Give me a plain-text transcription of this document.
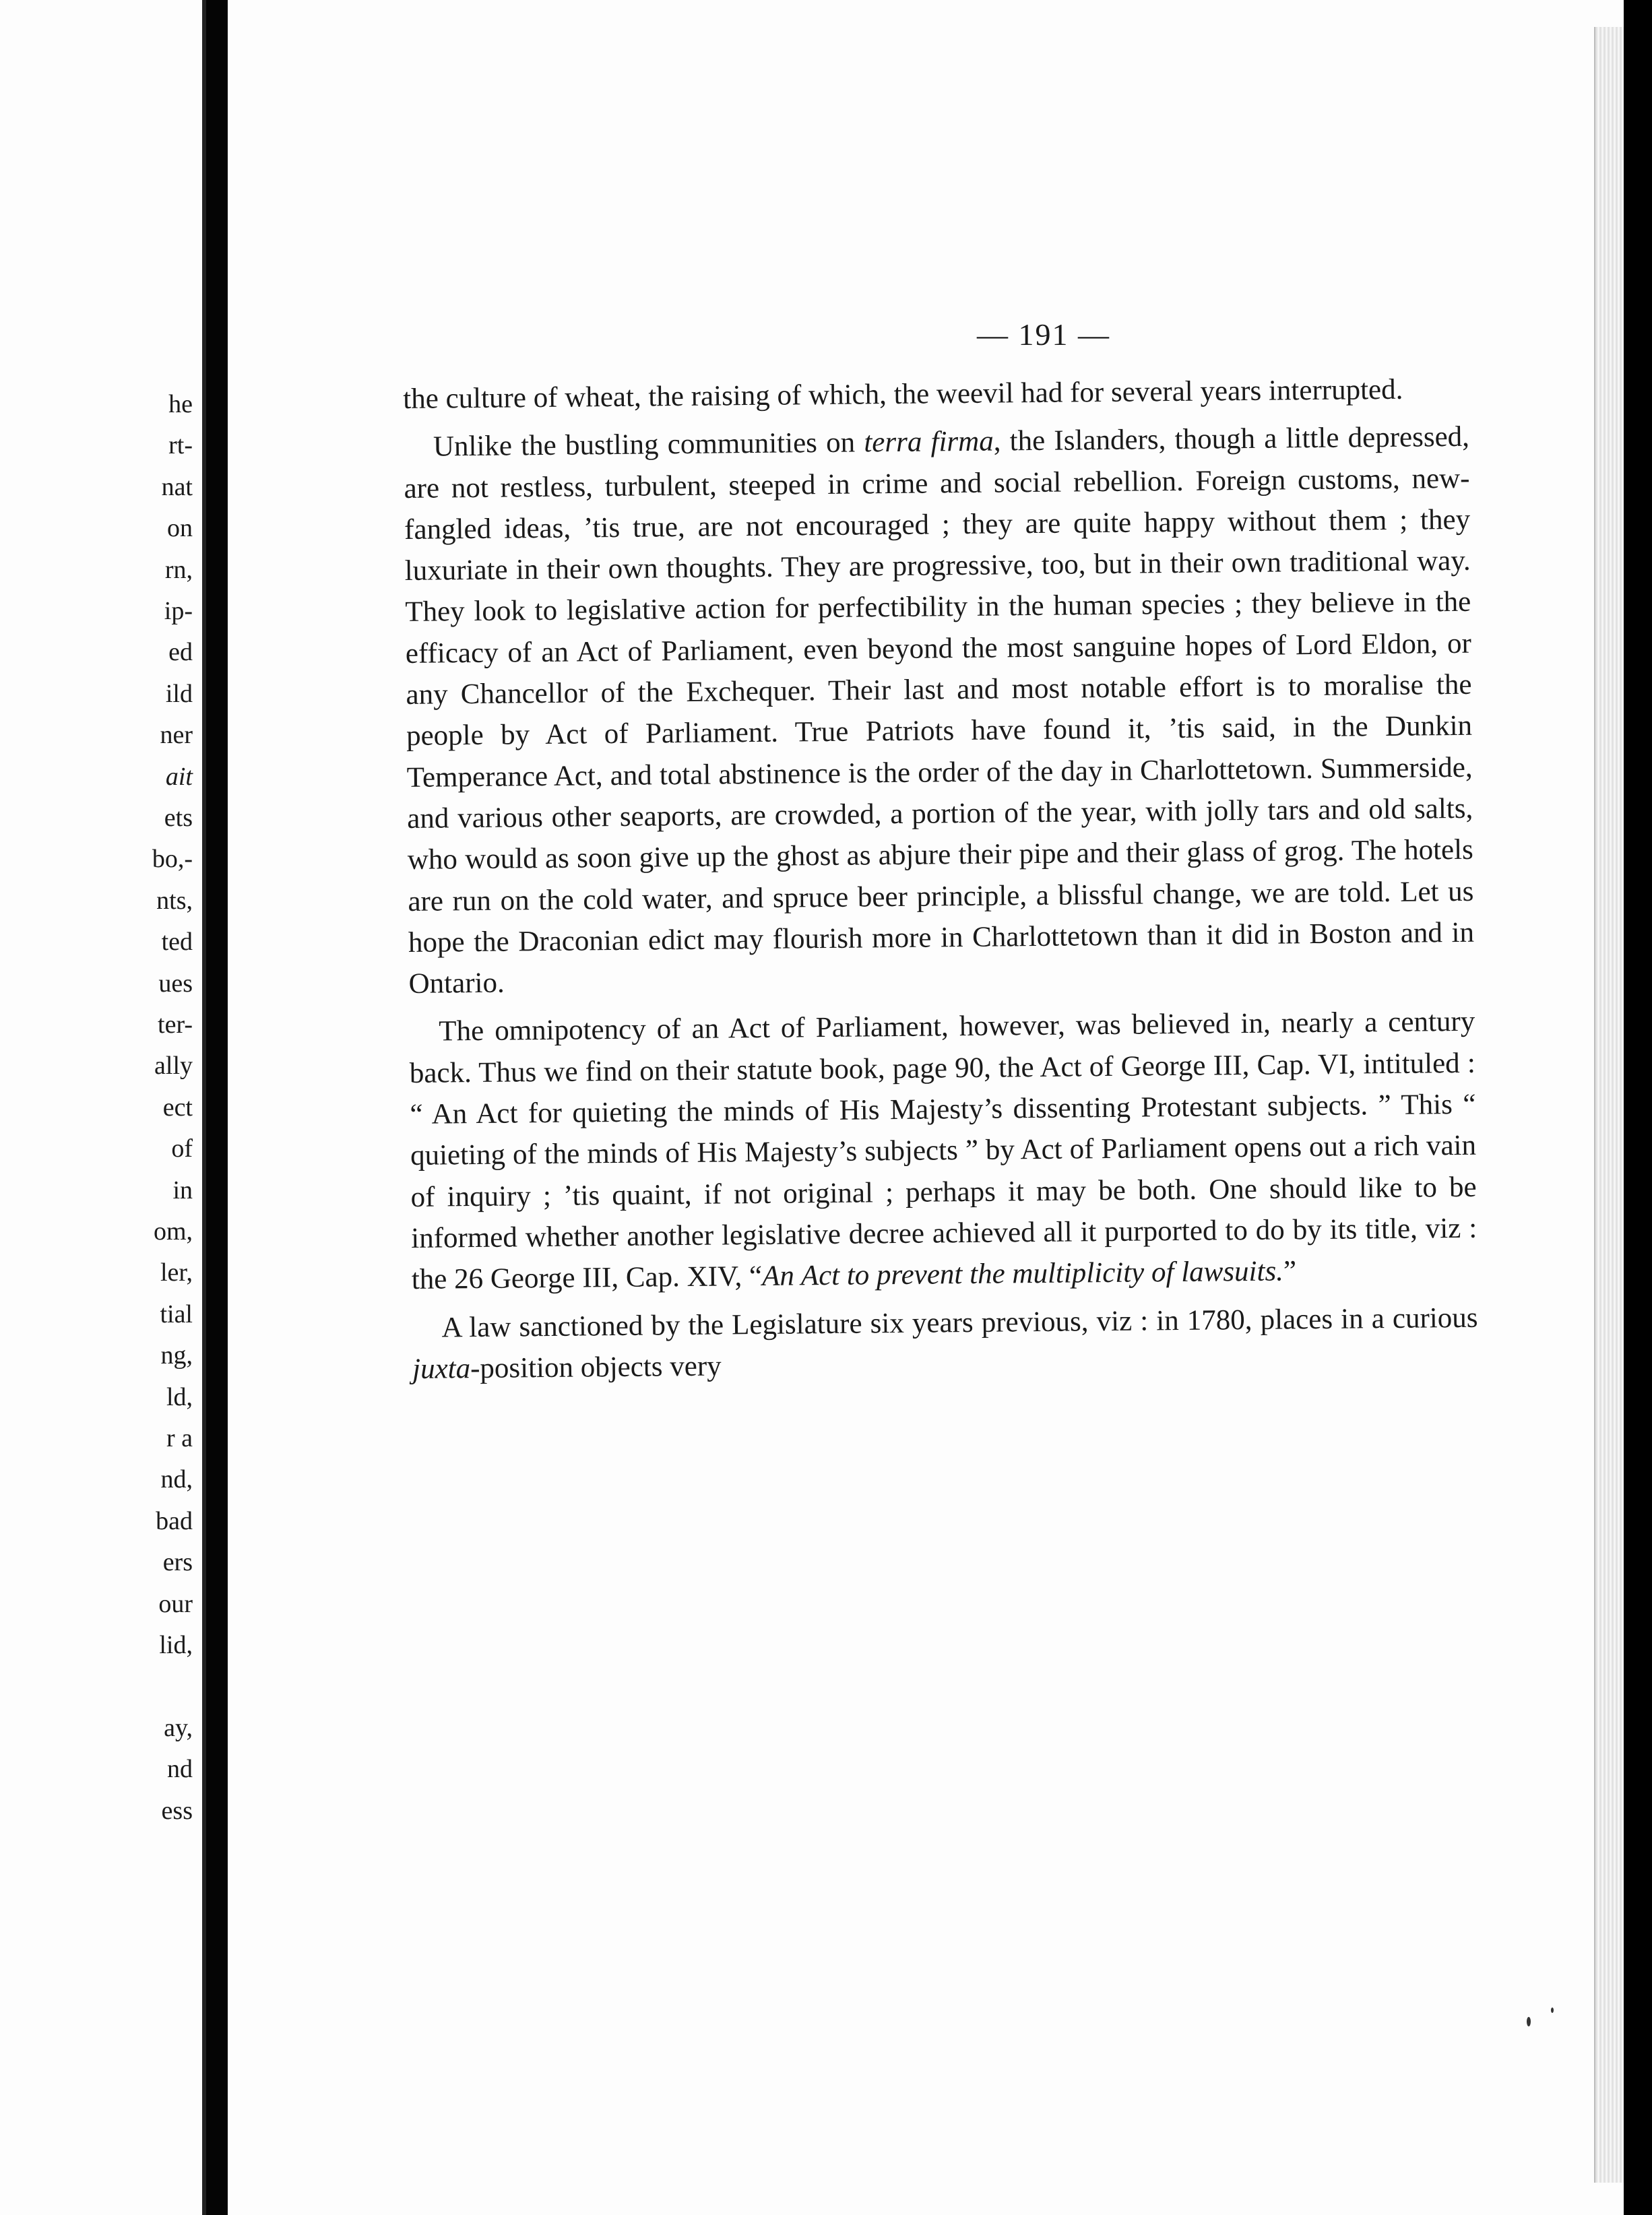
he
rt-
nat
on
rn,
ip-
ed
ild
ner
ait
ets
bo,-
nts,
ted
ues
ter-
ally
ect
of
in
om,
ler,
tial
ng,
ld,
r a
nd,
bad
ers
our
lid,
ay,
nd
ess
— 191 —

the culture of wheat, the raising of which, the weevil had for several years interrupted.

Unlike the bustling communities on terra firma, the Islanders, though a little depressed, are not restless, turbulent, steeped in crime and social rebellion. Foreign customs, new-fangled ideas, ’tis true, are not encouraged ; they are quite happy without them ; they luxuriate in their own thoughts. They are progressive, too, but in their own traditional way. They look to legislative action for perfectibility in the human species ; they believe in the efficacy of an Act of Parliament, even beyond the most sanguine hopes of Lord Eldon, or any Chancellor of the Exchequer. Their last and most notable effort is to moralise the people by Act of Parliament. True Patriots have found it, ’tis said, in the Dunkin Temperance Act, and total abstinence is the order of the day in Charlottetown. Summerside, and various other seaports, are crowded, a portion of the year, with jolly tars and old salts, who would as soon give up the ghost as abjure their pipe and their glass of grog. The hotels are run on the cold water, and spruce beer principle, a blissful change, we are told. Let us hope the Draconian edict may flourish more in Charlottetown than it did in Boston and in Ontario.

The omnipotency of an Act of Parliament, however, was believed in, nearly a century back. Thus we find on their statute book, page 90, the Act of George III, Cap. VI, intituled : “ An Act for quieting the minds of His Majesty’s dissenting Protestant subjects. ” This “ quieting of the minds of His Majesty’s subjects ” by Act of Parliament opens out a rich vain of inquiry ; ’tis quaint, if not original ; perhaps it may be both. One should like to be informed whether another legislative decree achieved all it purported to do by its title, viz : the 26 George III, Cap. XIV, “An Act to prevent the multiplicity of lawsuits.”

A law sanctioned by the Legislature six years previous, viz : in 1780, places in a curious juxta-position objects very
